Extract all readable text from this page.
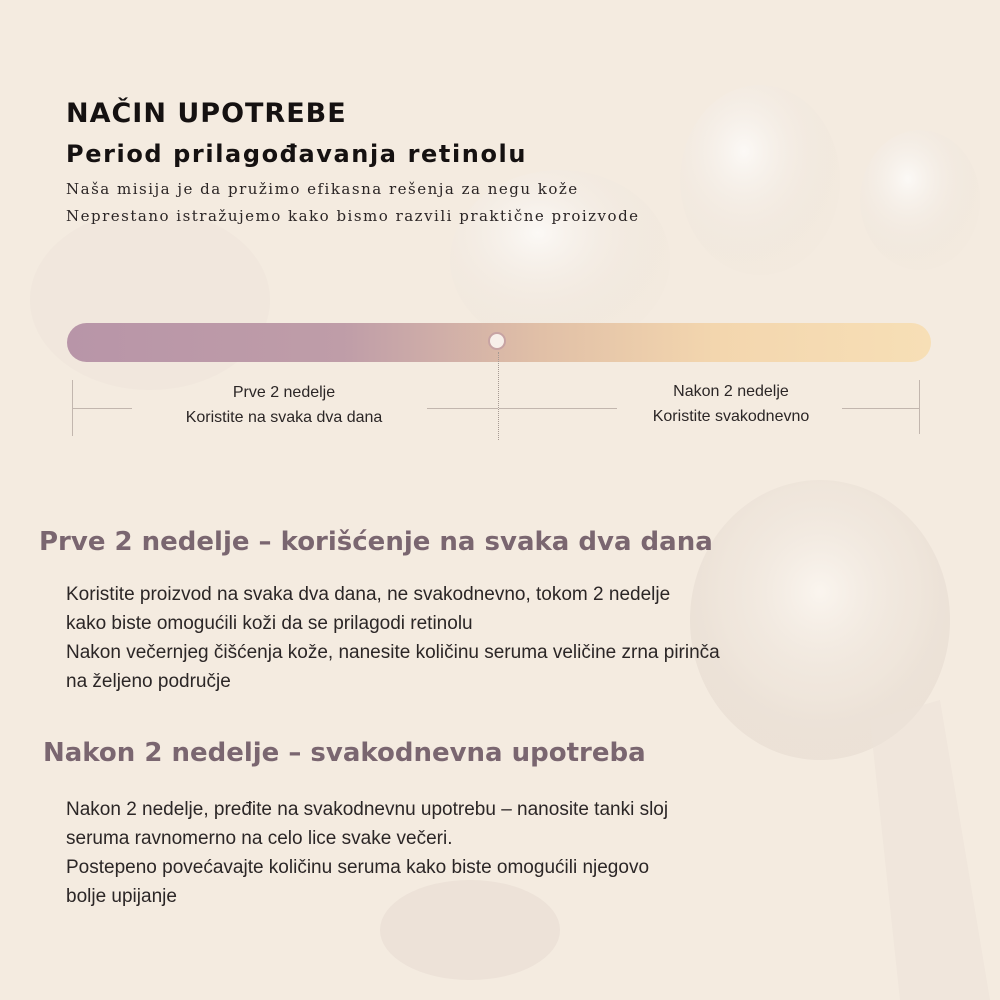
NAČIN UPOTREBE
Period prilagođavanja retinolu

Naša misija je da pružimo efikasna rešenja za negu kože

Neprestano istražujemo kako bismo razvili praktične proizvode

Prve 2 nedelje
Koristite na svaka dva dana
Nakon 2 nedelje
Koristite svakodnevno
Prve 2 nedelje – korišćenje na svaka dva dana
Koristite proizvod na svaka dva dana, ne svakodnevno, tokom 2 nedelje
kako biste omogućili koži da se prilagodi retinolu
Nakon večernjeg čišćenja kože, nanesite količinu seruma veličine zrna pirinča
na željeno područje
Nakon 2 nedelje – svakodnevna upotreba
Nakon 2 nedelje, pređite na svakodnevnu upotrebu – nanosite tanki sloj
seruma ravnomerno na celo lice svake večeri.
Postepeno povećavajte količinu seruma kako biste omogućili njegovo
bolje upijanje
